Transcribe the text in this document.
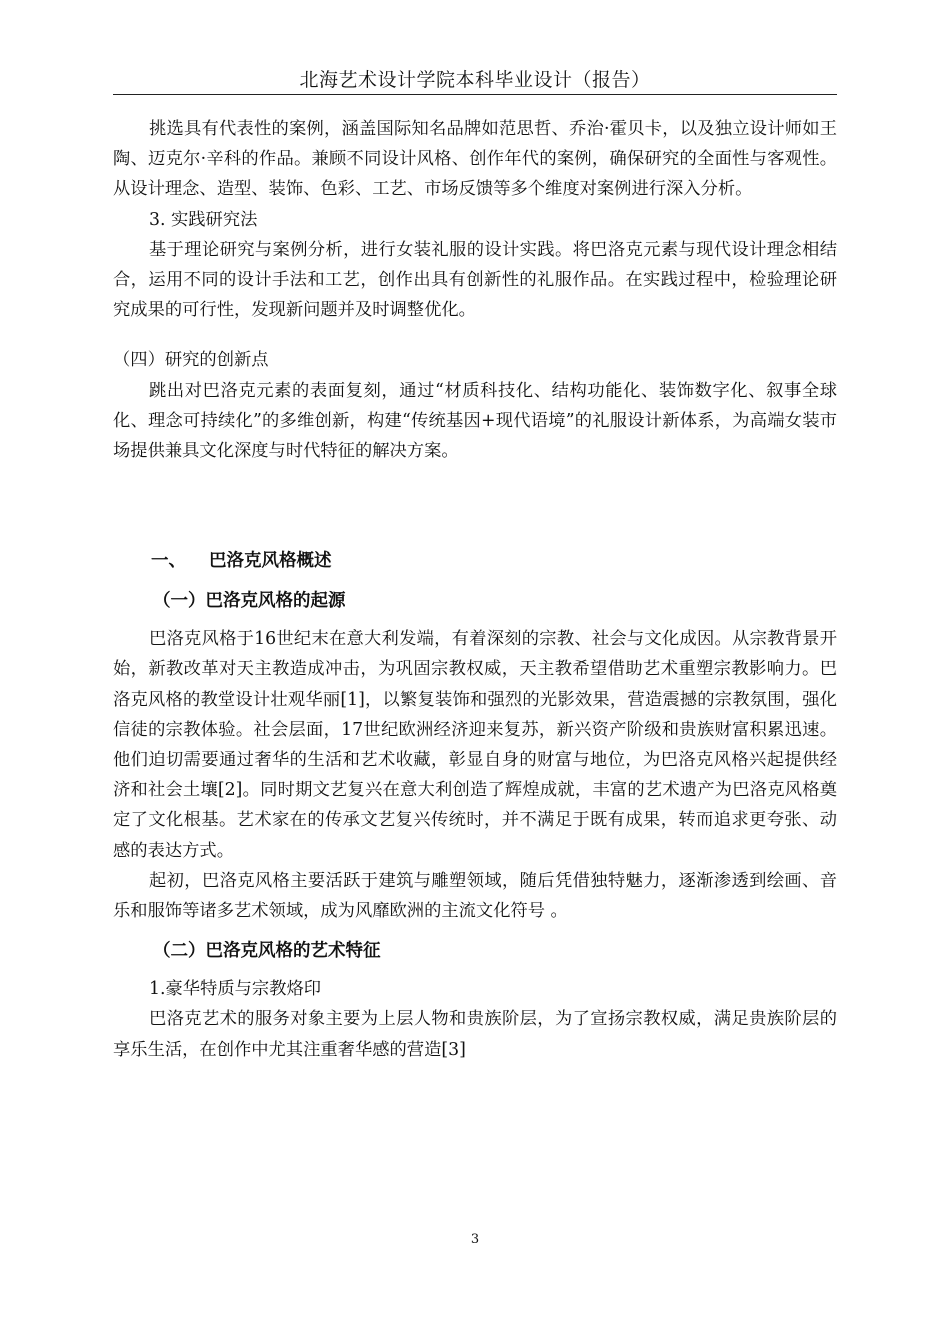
北海艺术设计学院本科毕业设计（报告）

挑选具有代表性的案例，涵盖国际知名品牌如范思哲、乔治·霍贝卡，以及独立设计师如王陶、迈克尔·辛科的作品。兼顾不同设计风格、创作年代的案例，确保研究的全面性与客观性。从设计理念、造型、装饰、色彩、工艺、市场反馈等多个维度对案例进行深入分析。

3. 实践研究法

基于理论研究与案例分析，进行女装礼服的设计实践。将巴洛克元素与现代设计理念相结合，运用不同的设计手法和工艺，创作出具有创新性的礼服作品。在实践过程中，检验理论研究成果的可行性，发现新问题并及时调整优化。

（四）研究的创新点

跳出对巴洛克元素的表面复刻，通过“材质科技化、结构功能化、装饰数字化、叙事全球化、理念可持续化”的多维创新，构建“传统基因+现代语境”的礼服设计新体系，为高端女装市场提供兼具文化深度与时代特征的解决方案。

一、 巴洛克风格概述

（一）巴洛克风格的起源

巴洛克风格于16世纪末在意大利发端，有着深刻的宗教、社会与文化成因。从宗教背景开始，新教改革对天主教造成冲击，为巩固宗教权威，天主教希望借助艺术重塑宗教影响力。巴洛克风格的教堂设计壮观华丽[1]，以繁复装饰和强烈的光影效果，营造震撼的宗教氛围，强化信徒的宗教体验。社会层面，17世纪欧洲经济迎来复苏，新兴资产阶级和贵族财富积累迅速。他们迫切需要通过奢华的生活和艺术收藏，彰显自身的财富与地位，为巴洛克风格兴起提供经济和社会土壤[2]。同时期文艺复兴在意大利创造了辉煌成就，丰富的艺术遗产为巴洛克风格奠定了文化根基。艺术家在的传承文艺复兴传统时，并不满足于既有成果，转而追求更夸张、动感的表达方式。

起初，巴洛克风格主要活跃于建筑与雕塑领域，随后凭借独特魅力，逐渐渗透到绘画、音乐和服饰等诸多艺术领域，成为风靡欧洲的主流文化符号 。

（二）巴洛克风格的艺术特征

1.豪华特质与宗教烙印

巴洛克艺术的服务对象主要为上层人物和贵族阶层，为了宣扬宗教权威，满足贵族阶层的享乐生活，在创作中尤其注重奢华感的营造[3]

3
